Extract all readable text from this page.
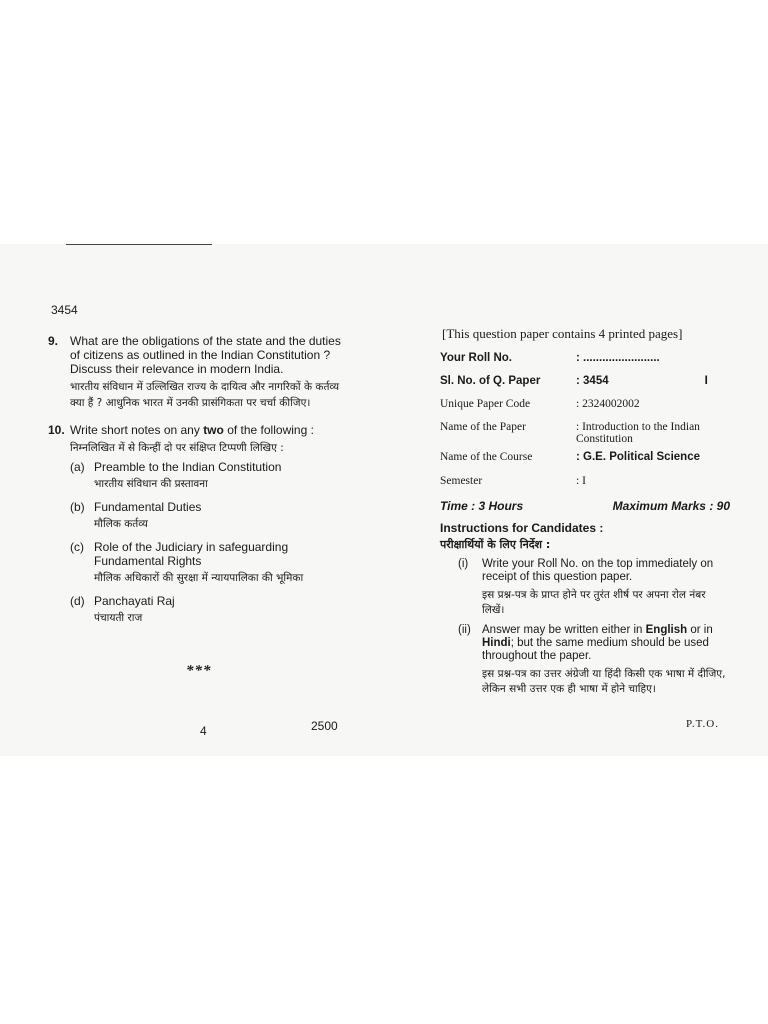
3454
9. What are the obligations of the state and the duties of citizens as outlined in the Indian Constitution ? Discuss their relevance in modern India.
भारतीय संविधान में उल्लिखित राज्य के दायित्व और नागरिकों के कर्तव्य क्या हैं ? आधुनिक भारत में उनकी प्रासंगिकता पर चर्चा कीजिए।
10. Write short notes on any two of the following :
निम्नलिखित में से किन्हीं दो पर संक्षिप्त टिप्पणी लिखिए :
(a) Preamble to the Indian Constitution
भारतीय संविधान की प्रस्तावना
(b) Fundamental Duties
मौलिक कर्तव्य
(c) Role of the Judiciary in safeguarding Fundamental Rights
मौलिक अधिकारों की सुरक्षा में न्यायपालिका की भूमिका
(d) Panchayati Raj
पंचायती राज
***
4	2500
[This question paper contains 4 printed pages]
Your Roll No.	: ........................
Sl. No. of Q. Paper	: 3454	I
Unique Paper Code	: 2324002002
Name of the Paper	: Introduction to the Indian Constitution
Name of the Course	: G.E. Political Science
Semester	: I
Time : 3 Hours	Maximum Marks : 90
Instructions for Candidates :
परीक्षार्थियों के लिए निर्देश :
(i)	Write your Roll No. on the top immediately on receipt of this question paper.
इस प्रश्न-पत्र के प्राप्त होने पर तुरंत शीर्ष पर अपना रोल नंबर लिखें।
(ii) Answer may be written either in English or in Hindi; but the same medium should be used throughout the paper.
इस प्रश्न-पत्र का उत्तर अंग्रेजी या हिंदी किसी एक भाषा में दीजिए, लेकिन सभी उत्तर एक ही भाषा में होने चाहिए।
P.T.O.
